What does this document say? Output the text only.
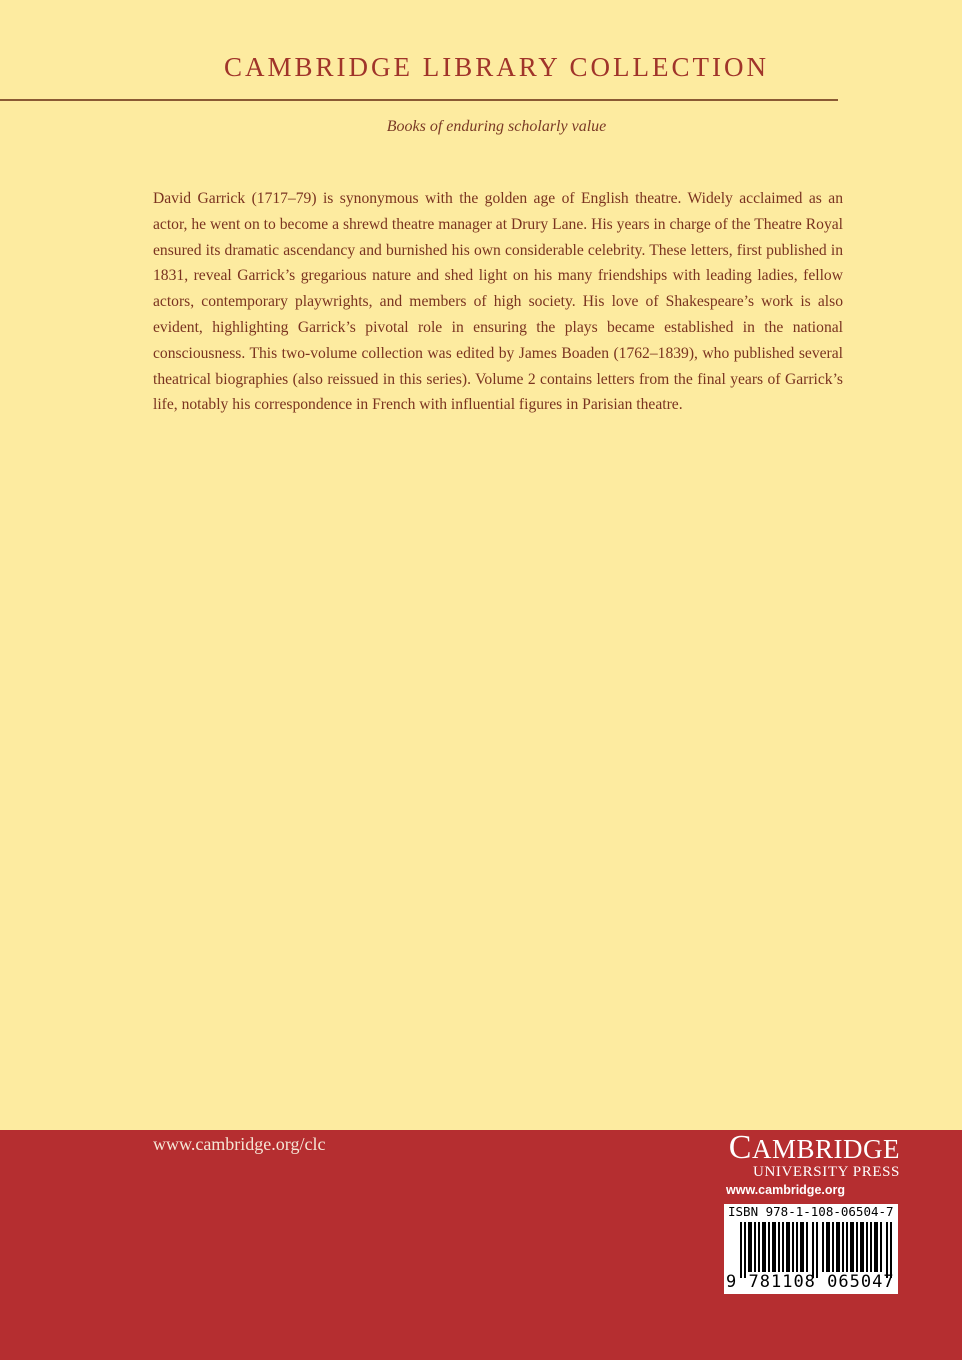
CAMBRIDGE LIBRARY COLLECTION
Books of enduring scholarly value

David Garrick (1717–79) is synonymous with the golden age of English theatre. Widely acclaimed as an actor, he went on to become a shrewd theatre manager at Drury Lane. His years in charge of the Theatre Royal ensured its dramatic ascendancy and burnished his own considerable celebrity. These letters, first published in 1831, reveal Garrick’s gregarious nature and shed light on his many friendships with leading ladies, fellow actors, contemporary playwrights, and members of high society. His love of Shakespeare’s work is also evident, highlighting Garrick’s pivotal role in ensuring the plays became established in the national consciousness. This two-volume collection was edited by James Boaden (1762–1839), who published several theatrical biographies (also reissued in this series). Volume 2 contains letters from the final years of Garrick’s life, notably his correspondence in French with influential figures in Parisian theatre.

www.cambridge.org/clc	CAMBRIDGE
UNIVERSITY PRESS
www.cambridge.org
ISBN 978-1-108-06504-7
9 781108 065047
